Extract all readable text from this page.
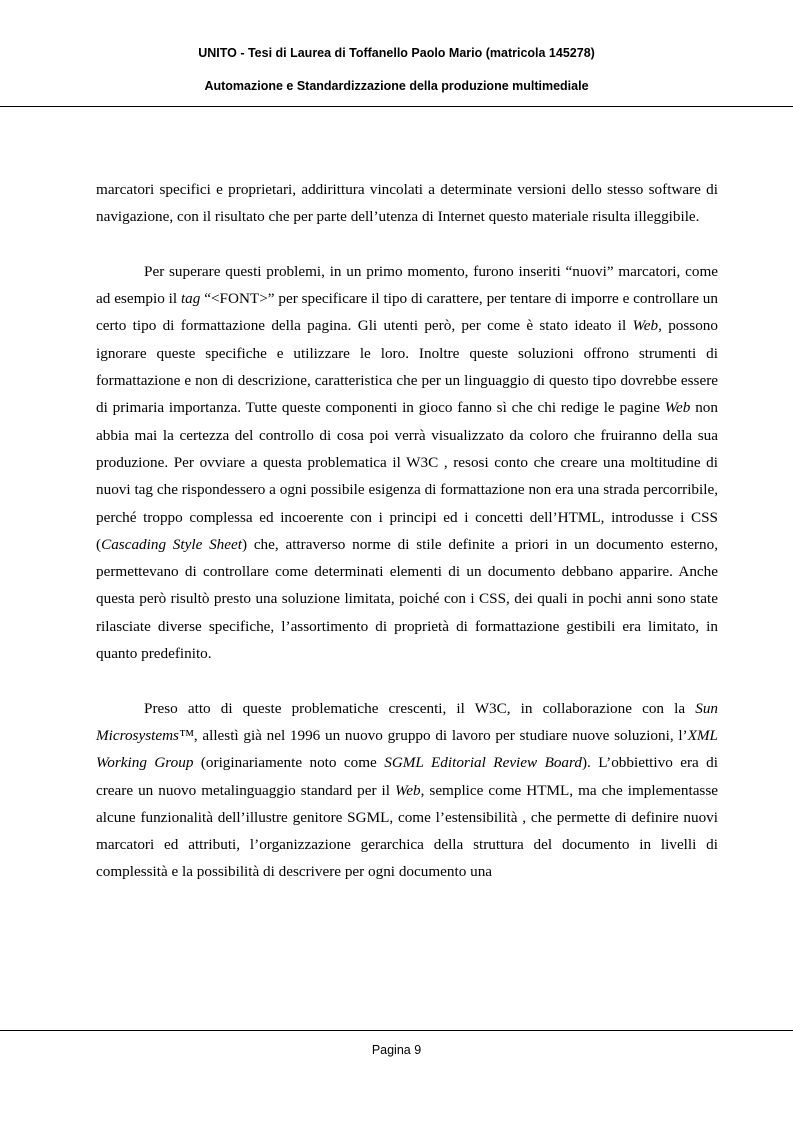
UNITO - Tesi di Laurea di Toffanello Paolo Mario (matricola 145278)
Automazione e Standardizzazione della produzione multimediale

marcatori specifici e proprietari, addirittura vincolati a determinate versioni dello stesso software di navigazione, con il risultato che per parte dell’utenza di Internet questo materiale risulta illeggibile.

Per superare questi problemi, in un primo momento, furono inseriti “nuovi” marcatori, come ad esempio il tag “<FONT>” per specificare il tipo di carattere, per tentare di imporre e controllare un certo tipo di formattazione della pagina. Gli utenti però, per come è stato ideato il Web, possono ignorare queste specifiche e utilizzare le loro. Inoltre queste soluzioni offrono strumenti di formattazione e non di descrizione, caratteristica che per un linguaggio di questo tipo dovrebbe essere di primaria importanza. Tutte queste componenti in gioco fanno sì che chi redige le pagine Web non abbia mai la certezza del controllo di cosa poi verrà visualizzato da coloro che fruiranno della sua produzione. Per ovviare a questa problematica il W3C , resosi conto che creare una moltitudine di nuovi tag che rispondessero a ogni possibile esigenza di formattazione non era una strada percorribile, perché troppo complessa ed incoerente con i principi ed i concetti dell’HTML, introdusse i CSS (Cascading Style Sheet) che, attraverso norme di stile definite a priori in un documento esterno, permettevano di controllare come determinati elementi di un documento debbano apparire. Anche questa però risultò presto una soluzione limitata, poiché con i CSS, dei quali in pochi anni sono state rilasciate diverse specifiche, l’assortimento di proprietà di formattazione gestibili era limitato, in quanto predefinito.

Preso atto di queste problematiche crescenti, il W3C, in collaborazione con la Sun Microsystems™, allestì già nel 1996 un nuovo gruppo di lavoro per studiare nuove soluzioni, l’XML Working Group (originariamente noto come SGML Editorial Review Board). L’obbiettivo era di creare un nuovo metalinguaggio standard per il Web, semplice come HTML, ma che implementasse alcune funzionalità dell’illustre genitore SGML, come l’estensibilità , che permette di definire nuovi marcatori ed attributi, l’organizzazione gerarchica della struttura del documento in livelli di complessità e la possibilità di descrivere per ogni documento una

Pagina 9
